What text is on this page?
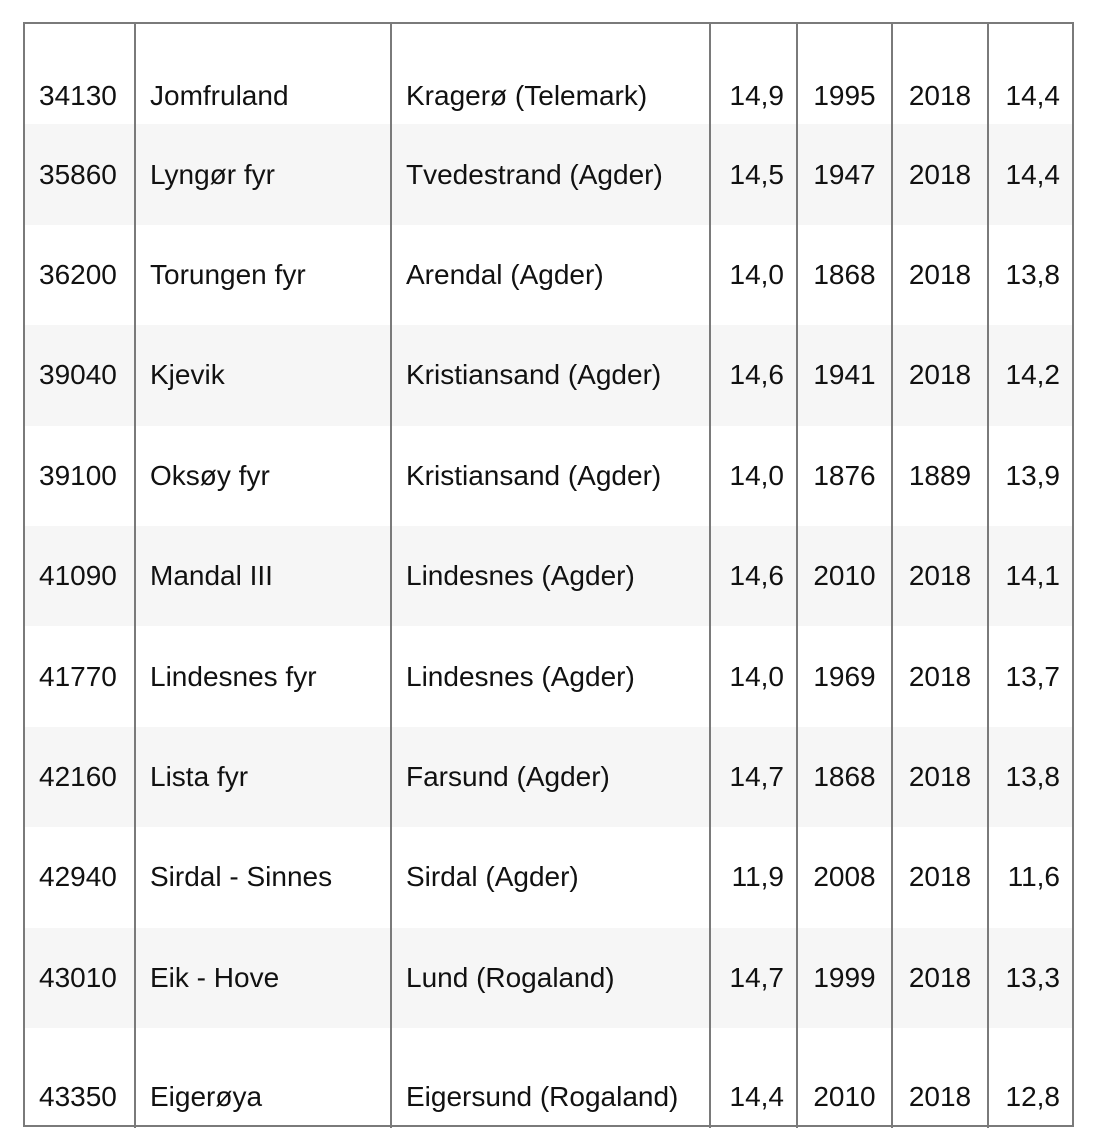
34130	Jomfruland	Kragerø (Telemark)	14,9	1995	2018	14,4
35860	Lyngør fyr	Tvedestrand (Agder)	14,5	1947	2018	14,4
36200	Torungen fyr	Arendal (Agder)	14,0	1868	2018	13,8
39040	Kjevik	Kristiansand (Agder)	14,6	1941	2018	14,2
39100	Oksøy fyr	Kristiansand (Agder)	14,0	1876	1889	13,9
41090	Mandal III	Lindesnes (Agder)	14,6	2010	2018	14,1
41770	Lindesnes fyr	Lindesnes (Agder)	14,0	1969	2018	13,7
42160	Lista fyr	Farsund (Agder)	14,7	1868	2018	13,8
42940	Sirdal - Sinnes	Sirdal (Agder)	11,9	2008	2018	11,6
43010	Eik - Hove	Lund (Rogaland)	14,7	1999	2018	13,3
43350	Eigerøya	Eigersund (Rogaland)	14,4	2010	2018	12,8
